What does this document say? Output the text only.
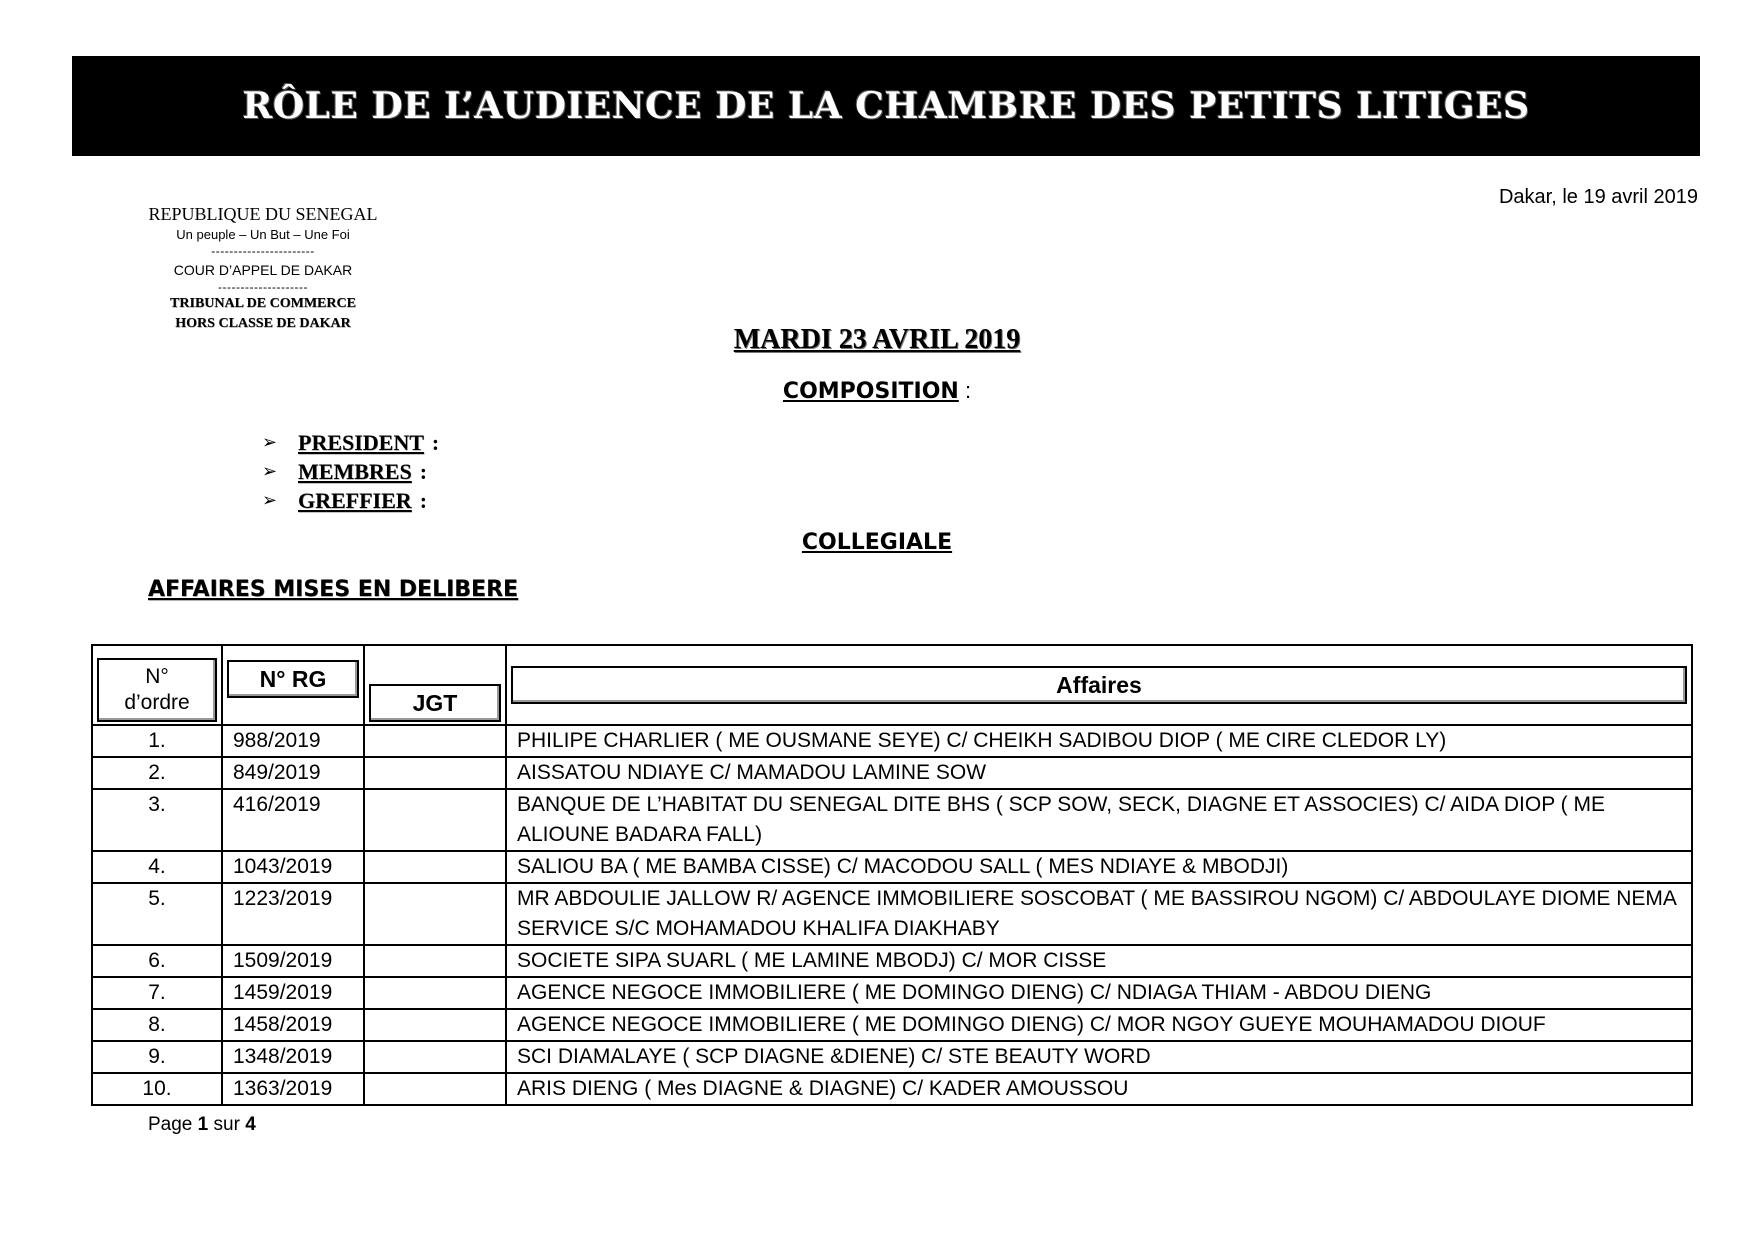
RÔLE DE L’AUDIENCE DE LA CHAMBRE DES PETITS LITIGES
Dakar, le 19 avril 2019
REPUBLIQUE DU SENEGAL
Un peuple – Un But – Une Foi
-----------------------
COUR D’APPEL DE DAKAR
--------------------
TRIBUNAL DE COMMERCE
HORS CLASSE DE DAKAR
MARDI 23 AVRIL 2019
COMPOSITION :
➢ PRESIDENT :
➢ MEMBRES :
➢ GREFFIER :
COLLEGIALE
AFFAIRES MISES EN DELIBERE
N°
d’ordre	N° RG	JGT	Affaires

1.	988/2019		PHILIPE CHARLIER ( ME OUSMANE SEYE) C/ CHEIKH SADIBOU DIOP ( ME CIRE CLEDOR LY)
2.	849/2019		AISSATOU NDIAYE C/ MAMADOU LAMINE SOW
3.	416/2019		BANQUE DE L’HABITAT DU SENEGAL DITE BHS ( SCP SOW, SECK, DIAGNE ET ASSOCIES) C/ AIDA DIOP ( ME ALIOUNE BADARA FALL)
4.	1043/2019		SALIOU BA ( ME BAMBA CISSE) C/ MACODOU SALL ( MES NDIAYE & MBODJI)
5.	1223/2019		MR ABDOULIE JALLOW R/ AGENCE IMMOBILIERE SOSCOBAT ( ME BASSIROU NGOM) C/ ABDOULAYE DIOME NEMA SERVICE S/C MOHAMADOU KHALIFA DIAKHABY
6.	1509/2019		SOCIETE SIPA SUARL ( ME LAMINE MBODJ) C/ MOR CISSE
7.	1459/2019		AGENCE NEGOCE IMMOBILIERE ( ME DOMINGO DIENG) C/ NDIAGA THIAM - ABDOU DIENG
8.	1458/2019		AGENCE NEGOCE IMMOBILIERE ( ME DOMINGO DIENG) C/ MOR NGOY GUEYE MOUHAMADOU DIOUF
9.	1348/2019		SCI DIAMALAYE ( SCP DIAGNE &DIENE) C/ STE BEAUTY WORD
10.	1363/2019		ARIS DIENG ( Mes DIAGNE & DIAGNE) C/ KADER AMOUSSOU
Page 1 sur 4
